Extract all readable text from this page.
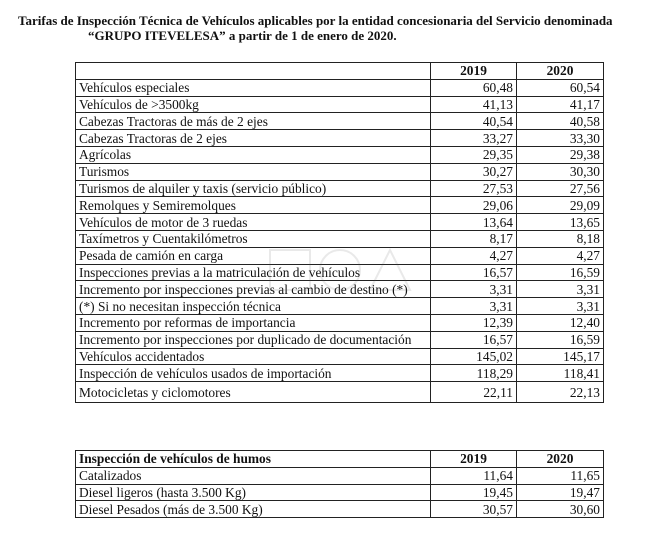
Tarifas de Inspección Técnica de Vehículos aplicables por la entidad concesionaria del Servicio denominada
“GRUPO ITEVELESA” a partir de 1 de enero de 2020.
	2019	2020
Vehículos especiales	60,48	60,54
Vehículos de >3500kg	41,13	41,17
Cabezas Tractoras de más de 2 ejes	40,54	40,58
Cabezas Tractoras de 2 ejes	33,27	33,30
Agrícolas	29,35	29,38
Turismos	30,27	30,30
Turismos de alquiler y taxis (servicio público)	27,53	27,56
Remolques y Semiremolques	29,06	29,09
Vehículos de motor de 3 ruedas	13,64	13,65
Taxímetros y Cuentakilómetros	8,17	8,18
Pesada de camión en carga	4,27	4,27
Inspecciones previas a la matriculación de vehículos	16,57	16,59
Incremento por inspecciones previas al cambio de destino (*)	3,31	3,31
(*) Si no necesitan inspección técnica	3,31	3,31
Incremento por reformas de importancia	12,39	12,40
Incremento por inspecciones por duplicado de documentación	16,57	16,59
Vehículos accidentados	145,02	145,17
Inspección de vehículos usados de importación	118,29	118,41
Motocicletas y ciclomotores	22,11	22,13
Inspección de vehículos de humos	2019	2020
Catalizados	11,64	11,65
Diesel ligeros (hasta 3.500 Kg)	19,45	19,47
Diesel Pesados (más de 3.500 Kg)	30,57	30,60
